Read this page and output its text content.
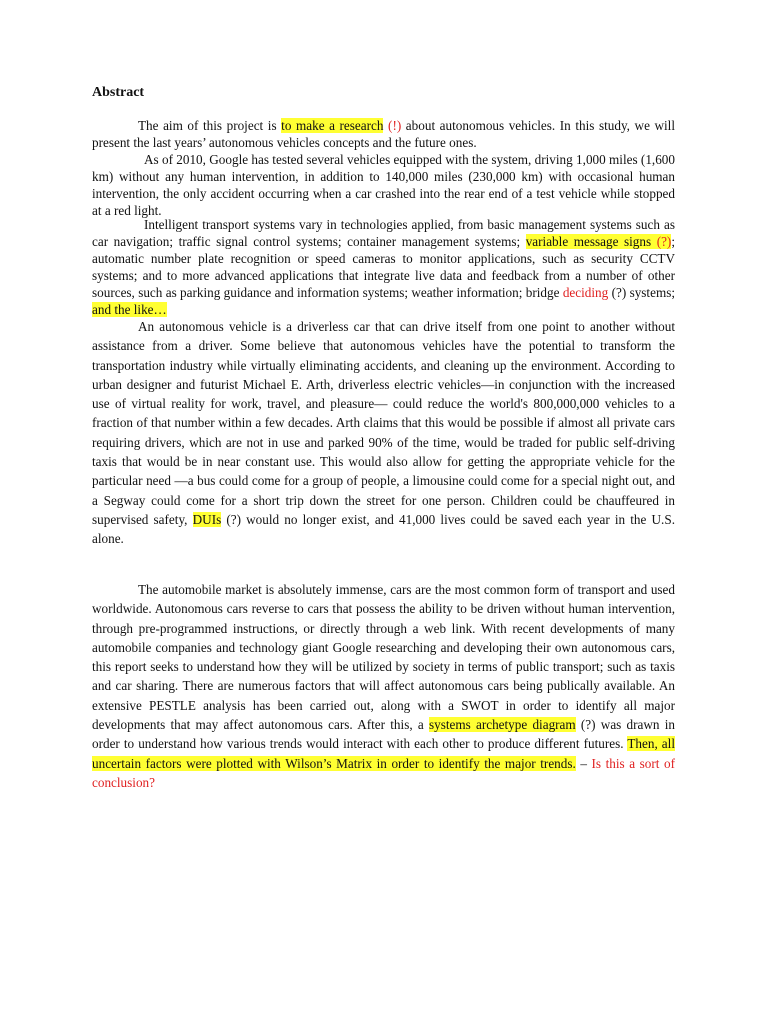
Abstract

The aim of this project is to make a research (!) about autonomous vehicles. In this study, we will present the last years’ autonomous vehicles concepts and the future ones.

As of 2010, Google has tested several vehicles equipped with the system, driving 1,000 miles (1,600 km) without any human intervention, in addition to 140,000 miles (230,000 km) with occasional human intervention, the only accident occurring when a car crashed into the rear end of a test vehicle while stopped at a red light.

Intelligent transport systems vary in technologies applied, from basic management systems such as car navigation; traffic signal control systems; container management systems; variable message signs (?); automatic number plate recognition or speed cameras to monitor applications, such as security CCTV systems; and to more advanced applications that integrate live data and feedback from a number of other sources, such as parking guidance and information systems; weather information; bridge deciding (?) systems; and the like…

An autonomous vehicle is a driverless car that can drive itself from one point to another without assistance from a driver. Some believe that autonomous vehicles have the potential to transform the transportation industry while virtually eliminating accidents, and cleaning up the environment. According to urban designer and futurist Michael E. Arth, driverless electric vehicles—in conjunction with the increased use of virtual reality for work, travel, and pleasure— could reduce the world's 800,000,000 vehicles to a fraction of that number within a few decades. Arth claims that this would be possible if almost all private cars requiring drivers, which are not in use and parked 90% of the time, would be traded for public self-driving taxis that would be in near constant use. This would also allow for getting the appropriate vehicle for the particular need —a bus could come for a group of people, a limousine could come for a special night out, and a Segway could come for a short trip down the street for one person. Children could be chauffeured in supervised safety, DUIs (?) would no longer exist, and 41,000 lives could be saved each year in the U.S. alone.

The automobile market is absolutely immense, cars are the most common form of transport and used worldwide. Autonomous cars reverse to cars that possess the ability to be driven without human intervention, through pre-programmed instructions, or directly through a web link. With recent developments of many automobile companies and technology giant Google researching and developing their own autonomous cars, this report seeks to understand how they will be utilized by society in terms of public transport; such as taxis and car sharing. There are numerous factors that will affect autonomous cars being publically available. An extensive PESTLE analysis has been carried out, along with a SWOT in order to identify all major developments that may affect autonomous cars. After this, a systems archetype diagram (?) was drawn in order to understand how various trends would interact with each other to produce different futures. Then, all uncertain factors were plotted with Wilson’s Matrix in order to identify the major trends. – Is this a sort of conclusion?
